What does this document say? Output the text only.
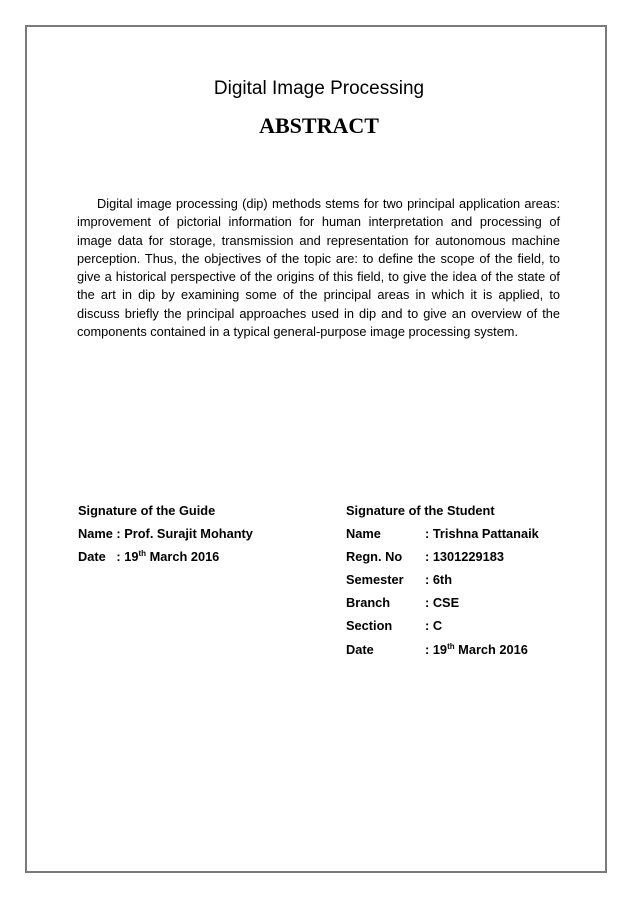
Digital Image Processing
ABSTRACT

Digital image processing (dip) methods stems for two principal application areas: improvement of pictorial information for human interpretation and processing of image data for storage, transmission and representation for autonomous machine perception. Thus, the objectives of the topic are: to define the scope of the field, to give a historical perspective of the origins of this field, to give the idea of the state of the art in dip by examining some of the principal areas in which it is applied, to discuss briefly the principal approaches used in dip and to give an overview of the components contained in a typical general-purpose image processing system.

Signature of the Guide
Name : Prof. Surajit Mohanty
Date   : 19th March 2016
Signature of the Student
Name	: Trishna Pattanaik
Regn. No : 1301229183
Semester : 6th
Branch	: CSE
Section	: C
Date	: 19th March 2016
